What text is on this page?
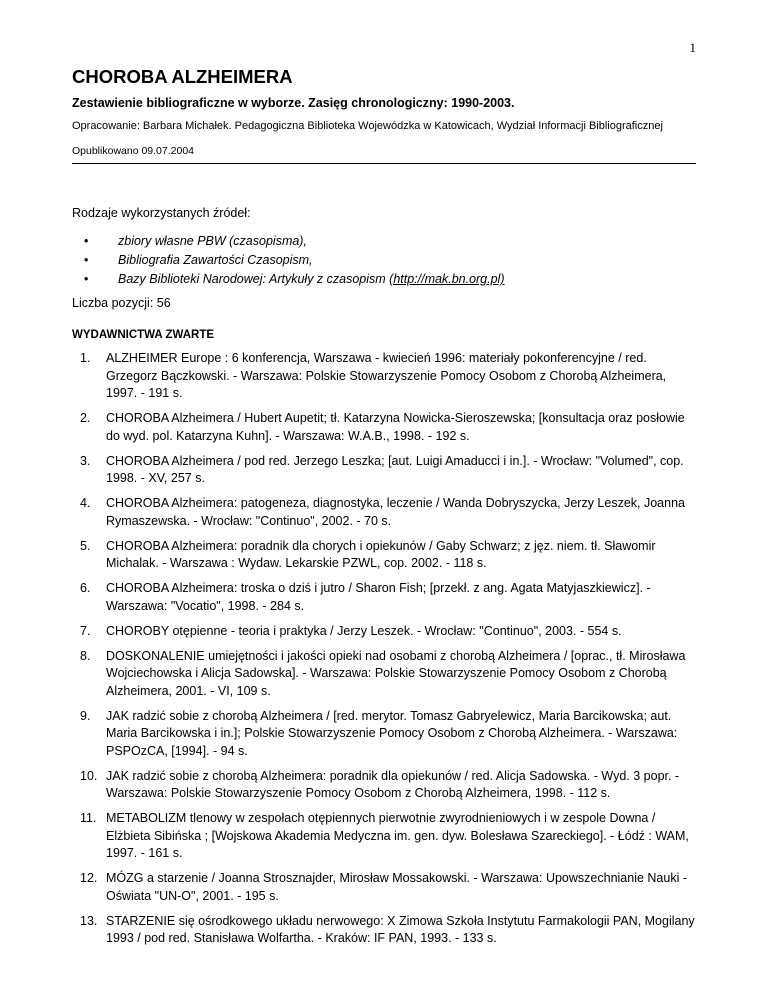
1
CHOROBA ALZHEIMERA

Zestawienie bibliograficzne w wyborze. Zasięg chronologiczny: 1990-2003.

Opracowanie: Barbara Michałek. Pedagogiczna Biblioteka Wojewódzka w Katowicach, Wydział Informacji Bibliograficznej

Opublikowano 09.07.2004

Rodzaje wykorzystanych źródeł:

• zbiory własne PBW (czasopisma),
• Bibliografia Zawartości Czasopism,
• Bazy Biblioteki Narodowej: Artykuły z czasopism (http://mak.bn.org.pl)

Liczba pozycji: 56

WYDAWNICTWA ZWARTE

1. ALZHEIMER Europe : 6 konferencja, Warszawa - kwiecień 1996: materiały pokonferencyjne / red. Grzegorz Bączkowski. - Warszawa: Polskie Stowarzyszenie Pomocy Osobom z Chorobą Alzheimera, 1997. - 191 s.
2. CHOROBA Alzheimera / Hubert Aupetit; tł. Katarzyna Nowicka-Sieroszewska; [konsultacja oraz posłowie do wyd. pol. Katarzyna Kuhn]. - Warszawa: W.A.B., 1998. - 192 s.
3. CHOROBA Alzheimera / pod red. Jerzego Leszka; [aut. Luigi Amaducci i in.]. - Wrocław: "Volumed", cop. 1998. - XV, 257 s.
4. CHOROBA Alzheimera: patogeneza, diagnostyka, leczenie / Wanda Dobryszycka, Jerzy Leszek, Joanna Rymaszewska. - Wrocław: "Continuo", 2002. - 70 s.
5. CHOROBA Alzheimera: poradnik dla chorych i opiekunów / Gaby Schwarz; z jęz. niem. tł. Sławomir Michalak. - Warszawa : Wydaw. Lekarskie PZWL, cop. 2002. - 118 s.
6. CHOROBA Alzheimera: troska o dziś i jutro / Sharon Fish; [przekł. z ang. Agata Matyjaszkiewicz]. - Warszawa: "Vocatio", 1998. - 284 s.
7. CHOROBY otępienne - teoria i praktyka / Jerzy Leszek. - Wrocław: "Continuo", 2003. - 554 s.
8. DOSKONALENIE umiejętności i jakości opieki nad osobami z chorobą Alzheimera / [oprac., tł. Mirosława Wojciechowska i Alicja Sadowska]. - Warszawa: Polskie Stowarzyszenie Pomocy Osobom z Chorobą Alzheimera, 2001. - VI, 109 s.
9. JAK radzić sobie z chorobą Alzheimera / [red. merytor. Tomasz Gabryelewicz, Maria Barcikowska; aut. Maria Barcikowska i in.]; Polskie Stowarzyszenie Pomocy Osobom z Chorobą Alzheimera. - Warszawa: PSPOzCA, [1994]. - 94 s.
10. JAK radzić sobie z chorobą Alzheimera: poradnik dla opiekunów / red. Alicja Sadowska. - Wyd. 3 popr. - Warszawa: Polskie Stowarzyszenie Pomocy Osobom z Chorobą Alzheimera, 1998. - 112 s.
11. METABOLIZM tlenowy w zespołach otępiennych pierwotnie zwyrodnieniowych i w zespole Downa / Elżbieta Sibińska ; [Wojskowa Akademia Medyczna im. gen. dyw. Bolesława Szareckiego]. - Łódź : WAM, 1997. - 161 s.
12. MÓZG a starzenie / Joanna Strosznajder, Mirosław Mossakowski. - Warszawa: Upowszechnianie Nauki - Oświata "UN-O", 2001. - 195 s.
13. STARZENIE się ośrodkowego układu nerwowego: X Zimowa Szkoła Instytutu Farmakologii PAN, Mogilany 1993 / pod red. Stanisława Wolfartha. - Kraków: IF PAN, 1993. - 133 s.
